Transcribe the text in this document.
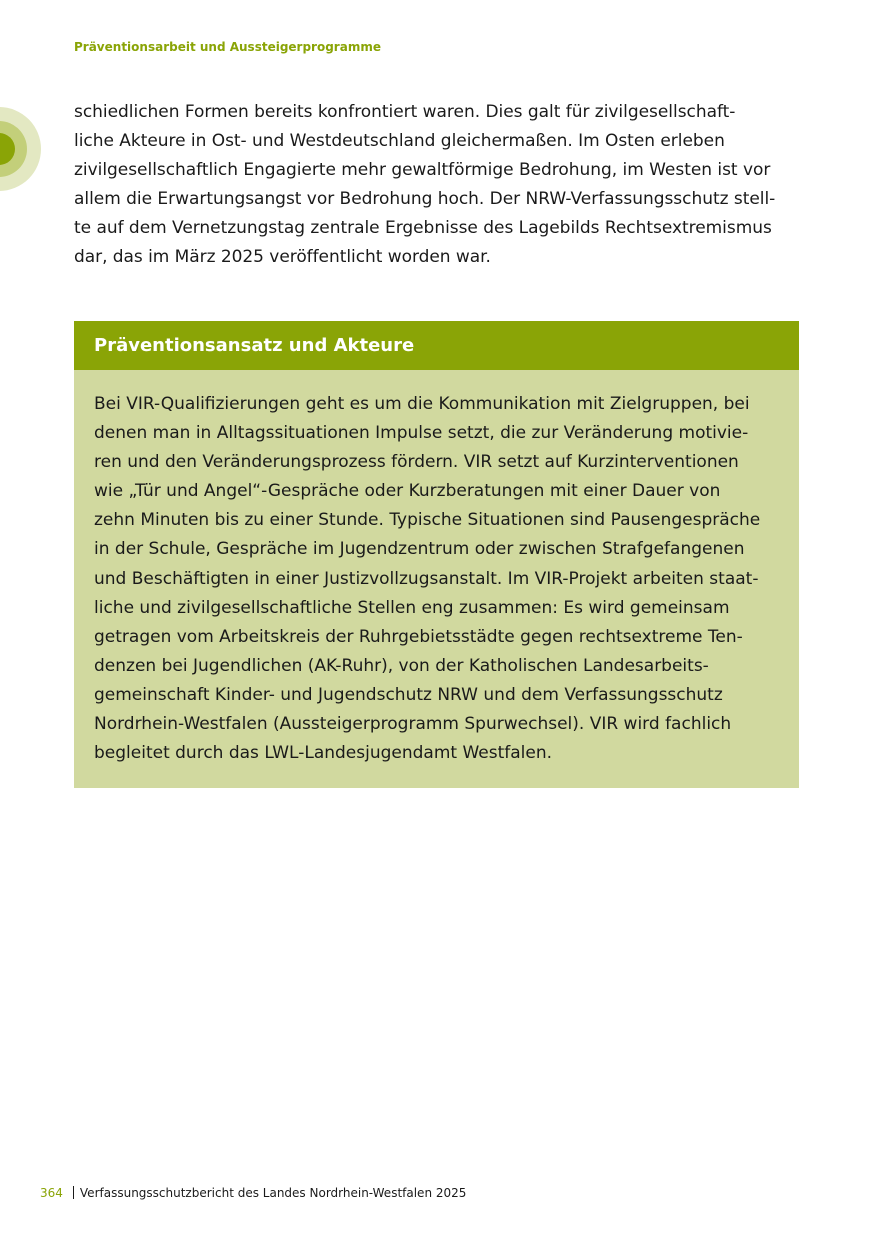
Präventionsarbeit und Aussteigerprogramme

schiedlichen Formen bereits konfrontiert waren. Dies galt für zivilgesellschaft-
liche Akteure in Ost- und Westdeutschland gleichermaßen. Im Osten erleben
zivilgesellschaftlich Engagierte mehr gewaltförmige Bedrohung, im Westen ist vor
allem die Erwartungsangst vor Bedrohung hoch. Der NRW-Verfassungsschutz stell-
te auf dem Vernetzungstag zentrale Ergebnisse des Lagebilds Rechtsextremismus
dar, das im März 2025 veröffentlicht worden war.

Präventionsansatz und Akteure

Bei VIR-Qualifizierungen geht es um die Kommunikation mit Zielgruppen, bei
denen man in Alltagssituationen Impulse setzt, die zur Veränderung motivie-
ren und den Veränderungsprozess fördern. VIR setzt auf Kurzinterventionen
wie „Tür und Angel“-Gespräche oder Kurzberatungen mit einer Dauer von
zehn Minuten bis zu einer Stunde. Typische Situationen sind Pausengespräche
in der Schule, Gespräche im Jugendzentrum oder zwischen Strafgefangenen
und Beschäftigten in einer Justizvollzugsanstalt. Im VIR-Projekt arbeiten staat-
liche und zivilgesellschaftliche Stellen eng zusammen: Es wird gemeinsam
getragen vom Arbeitskreis der Ruhrgebietsstädte gegen rechtsextreme Ten-
denzen bei Jugendlichen (AK-Ruhr), von der Katholischen Landesarbeits-
gemeinschaft Kinder- und Jugendschutz NRW und dem Verfassungsschutz
Nordrhein-Westfalen (Aussteigerprogramm Spurwechsel). VIR wird fachlich
begleitet durch das LWL-Landesjugendamt Westfalen.

364 Verfassungsschutzbericht des Landes Nordrhein-Westfalen 2025
